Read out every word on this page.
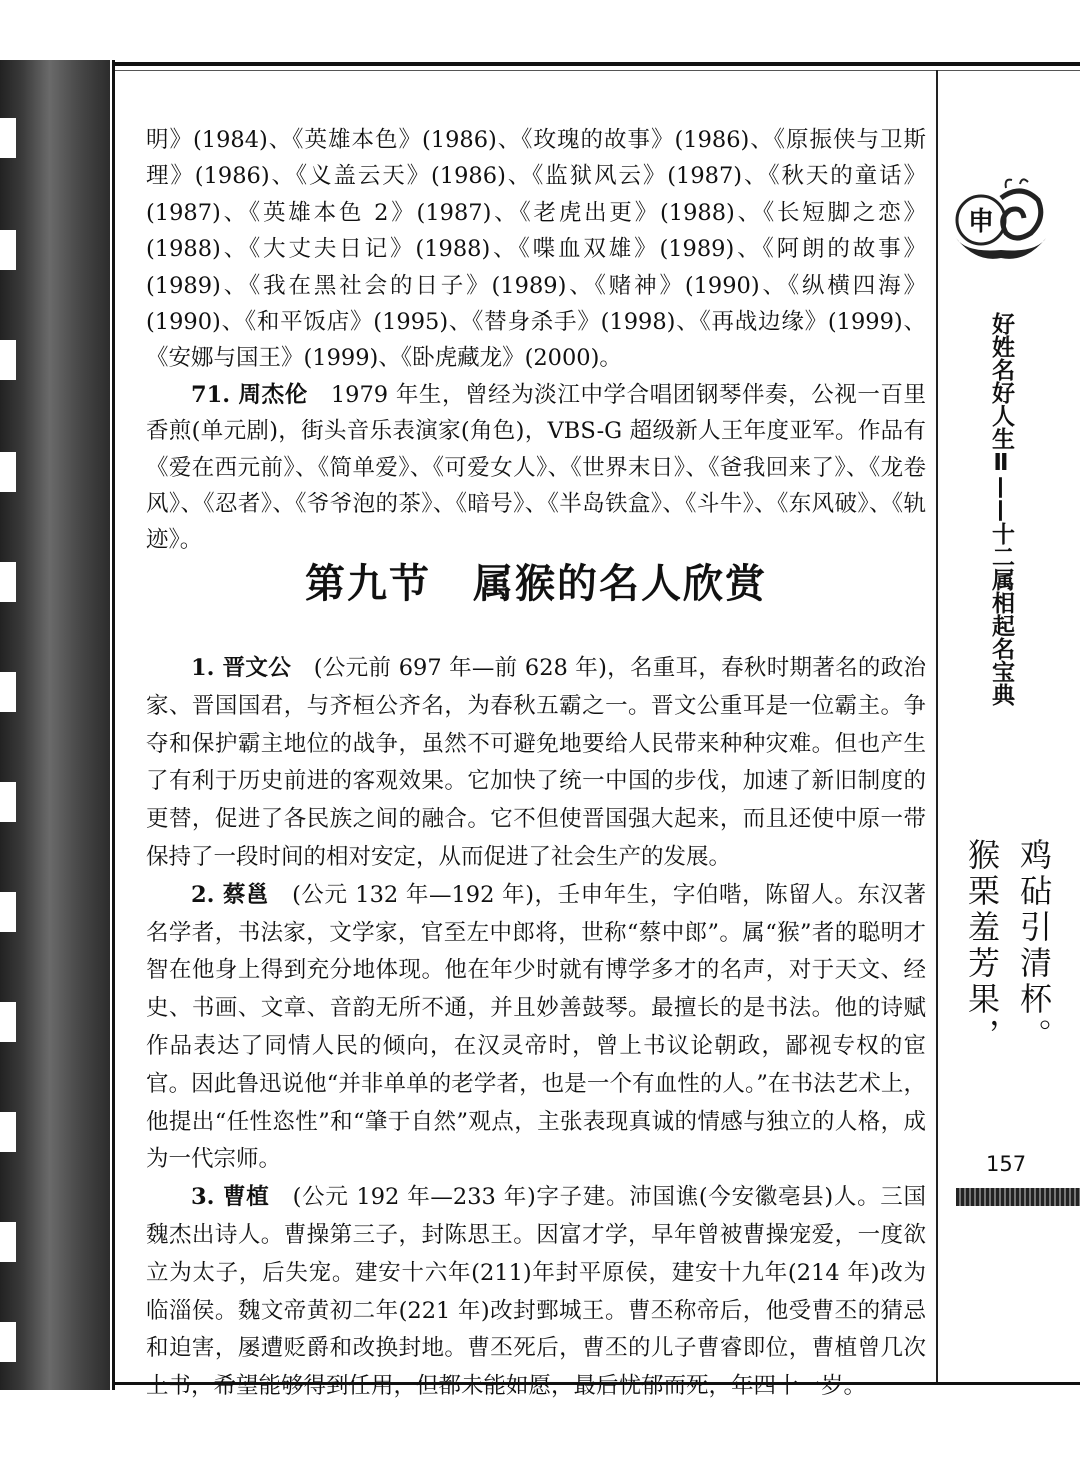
明》(1984)、《英雄本色》(1986)、《玫瑰的故事》(1986)、《原振侠与卫斯理》(1986)、《义盖云天》(1986)、《监狱风云》(1987)、《秋天的童话》(1987)、《英雄本色 2》(1987)、《老虎出更》(1988)、《长短脚之恋》(1988)、《大丈夫日记》(1988)、《喋血双雄》(1989)、《阿朗的故事》(1989)、《我在黑社会的日子》(1989)、《赌神》(1990)、《纵横四海》(1990)、《和平饭店》(1995)、《替身杀手》(1998)、《再战边缘》(1999)、《安娜与国王》(1999)、《卧虎藏龙》(2000)。

71. 周杰伦　1979 年生，曾经为淡江中学合唱团钢琴伴奏，公视一百里香煎(单元剧)，街头音乐表演家(角色)，VBS-G 超级新人王年度亚军。作品有《爱在西元前》、《简单爱》、《可爱女人》、《世界末日》、《爸我回来了》、《龙卷风》、《忍者》、《爷爷泡的茶》、《暗号》、《半岛铁盒》、《斗牛》、《东风破》、《轨迹》。

第九节 属猴的名人欣赏

1. 晋文公　(公元前 697 年—前 628 年)，名重耳，春秋时期著名的政治家、晋国国君，与齐桓公齐名，为春秋五霸之一。晋文公重耳是一位霸主。争夺和保护霸主地位的战争，虽然不可避免地要给人民带来种种灾难。但也产生了有利于历史前进的客观效果。它加快了统一中国的步伐，加速了新旧制度的更替，促进了各民族之间的融合。它不但使晋国强大起来，而且还使中原一带保持了一段时间的相对安定，从而促进了社会生产的发展。

2. 蔡邕　(公元 132 年—192 年)，壬申年生，字伯喈，陈留人。东汉著名学者，书法家，文学家，官至左中郎将，世称“蔡中郎”。属“猴”者的聪明才智在他身上得到充分地体现。他在年少时就有博学多才的名声，对于天文、经史、书画、文章、音韵无所不通，并且妙善鼓琴。最擅长的是书法。他的诗赋作品表达了同情人民的倾向，在汉灵帝时，曾上书议论朝政，鄙视专权的宦官。因此鲁迅说他“并非单单的老学者，也是一个有血性的人。”在书法艺术上，他提出“任性恣性”和“肇于自然”观点，主张表现真诚的情感与独立的人格，成为一代宗师。

3. 曹植　(公元 192 年—233 年)字子建。沛国谯(今安徽亳县)人。三国魏杰出诗人。曹操第三子，封陈思王。因富才学，早年曾被曹操宠爱，一度欲立为太子，后失宠。建安十六年(211)年封平原侯，建安十九年(214 年)改为临淄侯。魏文帝黄初二年(221 年)改封鄄城王。曹丕称帝后，他受曹丕的猜忌和迫害，屡遭贬爵和改换封地。曹丕死后，曹丕的儿子曹睿即位，曹植曾几次上书，希望能够得到任用，但都未能如愿，最后忧郁而死，年四十一岁。

申
好姓名好人生Ⅱ——十二属相起名宝典
鸡砧引清杯。
猴栗羞芳果，
157
